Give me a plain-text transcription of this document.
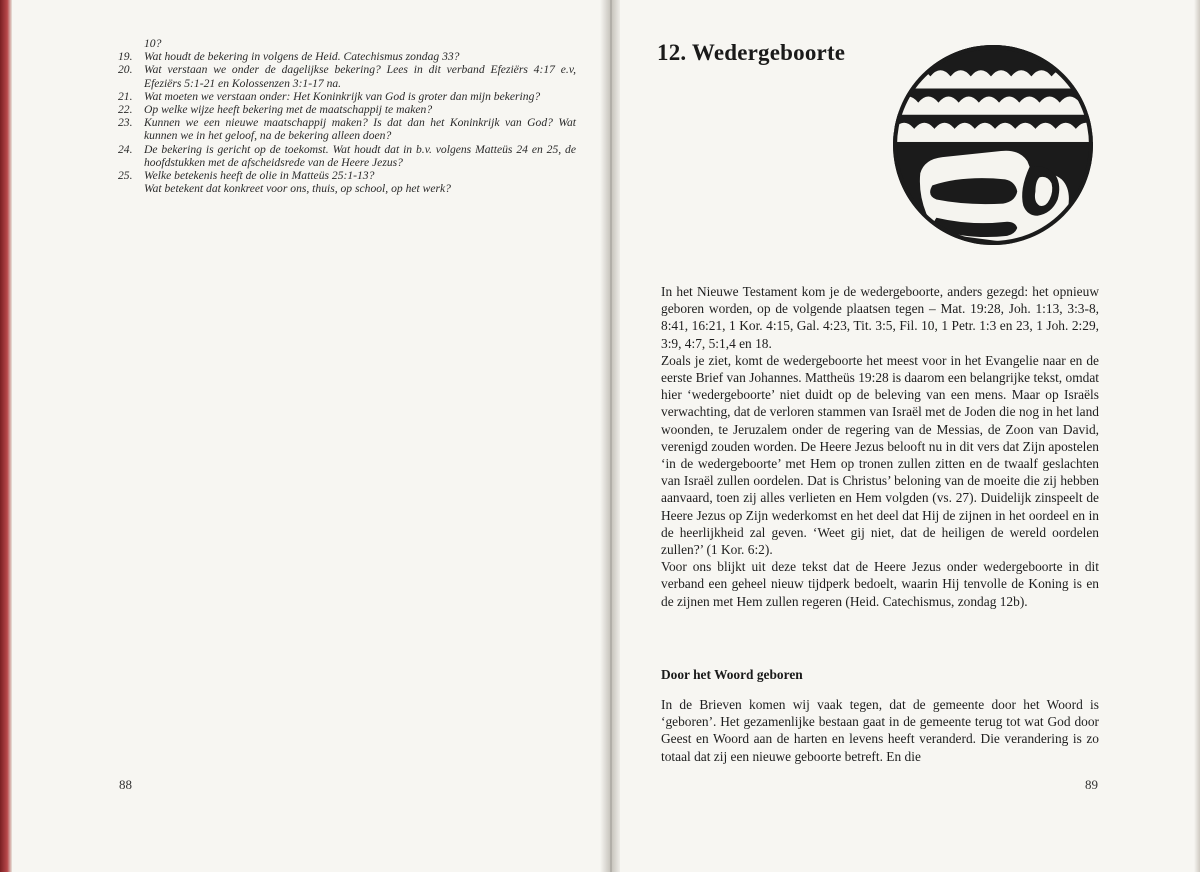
10?
19. Wat houdt de bekering in volgens de Heid. Catechismus zondag 33?
20. Wat verstaan we onder de dagelijkse bekering? Lees in dit verband Efeziërs 4:17 e.v, Efeziërs 5:1-21 en Kolossenzen 3:1-17 na.
21. Wat moeten we verstaan onder: Het Koninkrijk van God is groter dan mijn bekering?
22. Op welke wijze heeft bekering met de maatschappij te maken?
23. Kunnen we een nieuwe maatschappij maken? Is dat dan het Koninkrijk van God? Wat kunnen we in het geloof, na de bekering alleen doen?
24. De bekering is gericht op de toekomst. Wat houdt dat in b.v. volgens Matteüs 24 en 25, de hoofdstukken met de afscheidsrede van de Heere Jezus?
25. Welke betekenis heeft de olie in Matteüs 25:1-13?
Wat betekent dat konkreet voor ons, thuis, op school, op het werk?
88
12. Wedergeboorte

In het Nieuwe Testament kom je de wedergeboorte, anders gezegd: het opnieuw geboren worden, op de volgende plaatsen tegen – Mat. 19:28, Joh. 1:13, 3:3-8, 8:41, 16:21, 1 Kor. 4:15, Gal. 4:23, Tit. 3:5, Fil. 10, 1 Petr. 1:3 en 23, 1 Joh. 2:29, 3:9, 4:7, 5:1,4 en 18.

Zoals je ziet, komt de wedergeboorte het meest voor in het Evangelie naar en de eerste Brief van Johannes. Mattheüs 19:28 is daarom een belangrijke tekst, omdat hier ‘wedergeboorte’ niet duidt op de beleving van een mens. Maar op Israëls verwachting, dat de verloren stammen van Israël met de Joden die nog in het land woonden, te Jeruzalem onder de regering van de Messias, de Zoon van David, verenigd zouden worden. De Heere Jezus belooft nu in dit vers dat Zijn apostelen ‘in de wedergeboorte’ met Hem op tronen zullen zitten en de twaalf geslachten van Israël zullen oordelen. Dat is Christus’ beloning van de moeite die zij hebben aanvaard, toen zij alles verlieten en Hem volgden (vs. 27). Duidelijk zinspeelt de Heere Jezus op Zijn wederkomst en het deel dat Hij de zijnen in het oordeel en in de heerlijkheid zal geven. ‘Weet gij niet, dat de heiligen de wereld oordelen zullen?’ (1 Kor. 6:2).

Voor ons blijkt uit deze tekst dat de Heere Jezus onder wedergeboorte in dit verband een geheel nieuw tijdperk bedoelt, waarin Hij tenvolle de Koning is en de zijnen met Hem zullen regeren (Heid. Catechismus, zondag 12b).

Door het Woord geboren

In de Brieven komen wij vaak tegen, dat de gemeente door het Woord is ‘geboren’. Het gezamenlijke bestaan gaat in de gemeente terug tot wat God door Geest en Woord aan de harten en levens heeft veranderd. Die verandering is zo totaal dat zij een nieuwe geboorte betreft. En die

89
